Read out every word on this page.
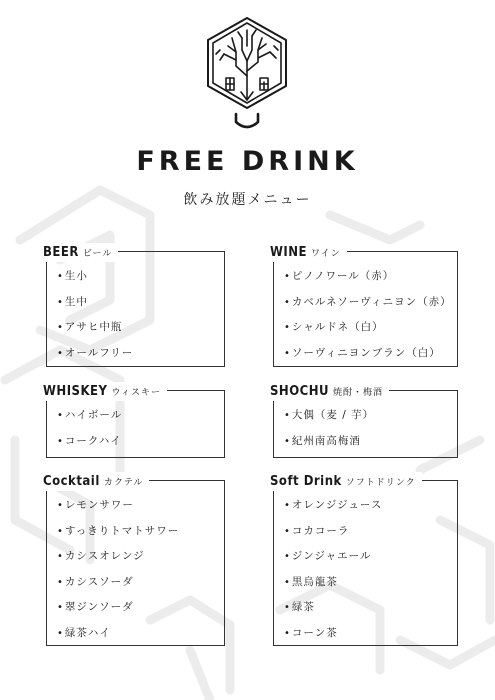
FREE DRINK
飲み放題メニュー
BEER ビール
•生小
•生中
•アサヒ中瓶
•オールフリー
WINE ワイン
•ピノノワール（赤）
•カベルネソーヴィニヨン（赤）
•シャルドネ（白）
•ソーヴィニヨンブラン（白）
WHISKEY ウィスキー
•ハイボール
•コークハイ
SHOCHU 焼酎・梅酒
•大偶（麦 / 芋）
•紀州南高梅酒
Cocktail カクテル
•レモンサワー
•すっきりトマトサワー
•カシスオレンジ
•カシスソーダ
•翠ジンソーダ
•緑茶ハイ
Soft Drink ソフトドリンク
•オレンジジュース
•コカコーラ
•ジンジャエール
•黒烏龍茶
•緑茶
•コーン茶
